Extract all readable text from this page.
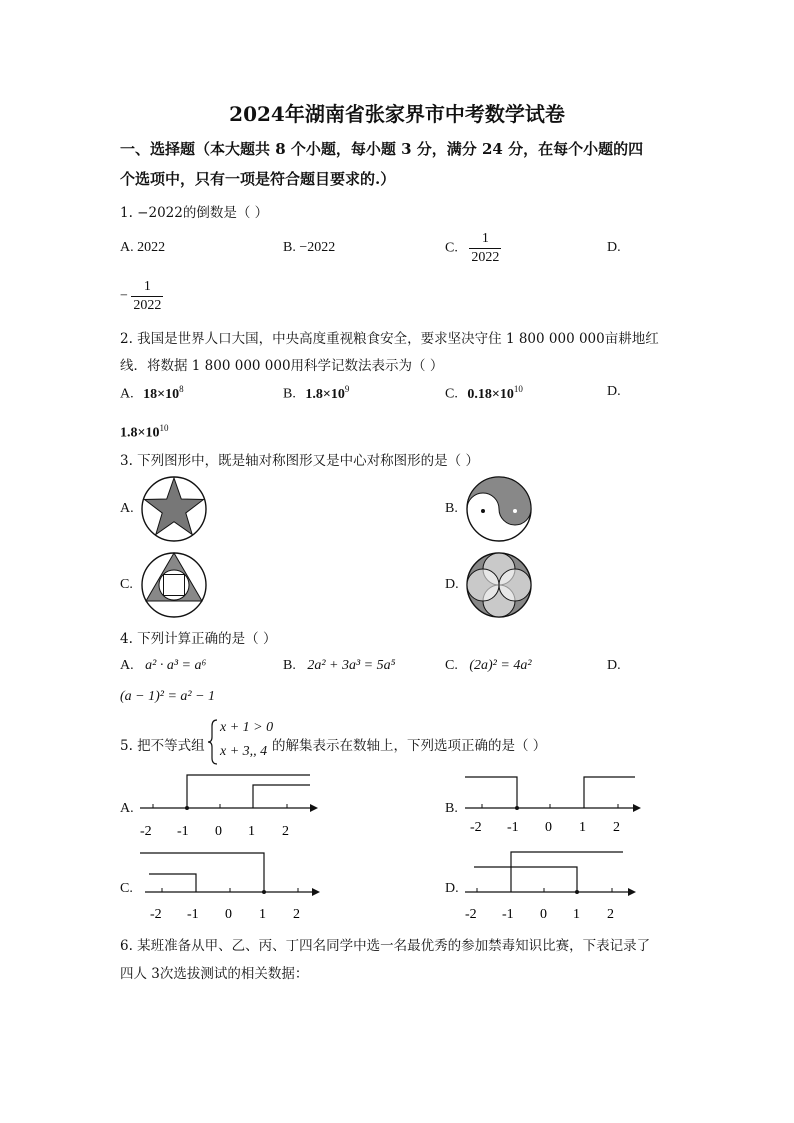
2024年湖南省张家界市中考数学试卷
一、选择题（本大题共 8 个小题，每小题 3 分，满分 24 分，在每个小题的四
个选项中，只有一项是符合题目要求的.）
1. −2022的倒数是（ ）
A. 2022	B. −2022	C. $\frac{1}{2022}$	D.
− $\frac{1}{2022}$
2. 我国是世界人口大国，中央高度重视粮食安全，要求坚决守住 1 800 000 000亩耕地红
线．将数据 1 800 000 000用科学记数法表示为（ ）
A. $18\times 10^8$	B. $1.8\times 10^9$	C. $0.18\times 10^{10}$	D.
$1.8\times 10^{10}$
3. 下列图形中，既是轴对称图形又是中心对称图形的是（ ）
A.	B.
C.	D.
4. 下列计算正确的是（ ）
A. a² · a³ = a⁶	B. 2a² + 3a³ = 5a⁵	C. (2a)² = 4a²	D.
(a − 1)² = a² − 1
5. 把不等式组
x + 1 > 0
x + 3,, 4 的解集表示在数轴上，下列选项正确的是（ ）
A.
-2 -1 0 1 2
B.
-2 -1 0 1 2
C.
-2 -1 0 1 2
D.
-2 -1 0 1 2
6. 某班准备从甲、乙、丙、丁四名同学中选一名最优秀的参加禁毒知识比赛，下表记录了
四人 3次选拔测试的相关数据：
